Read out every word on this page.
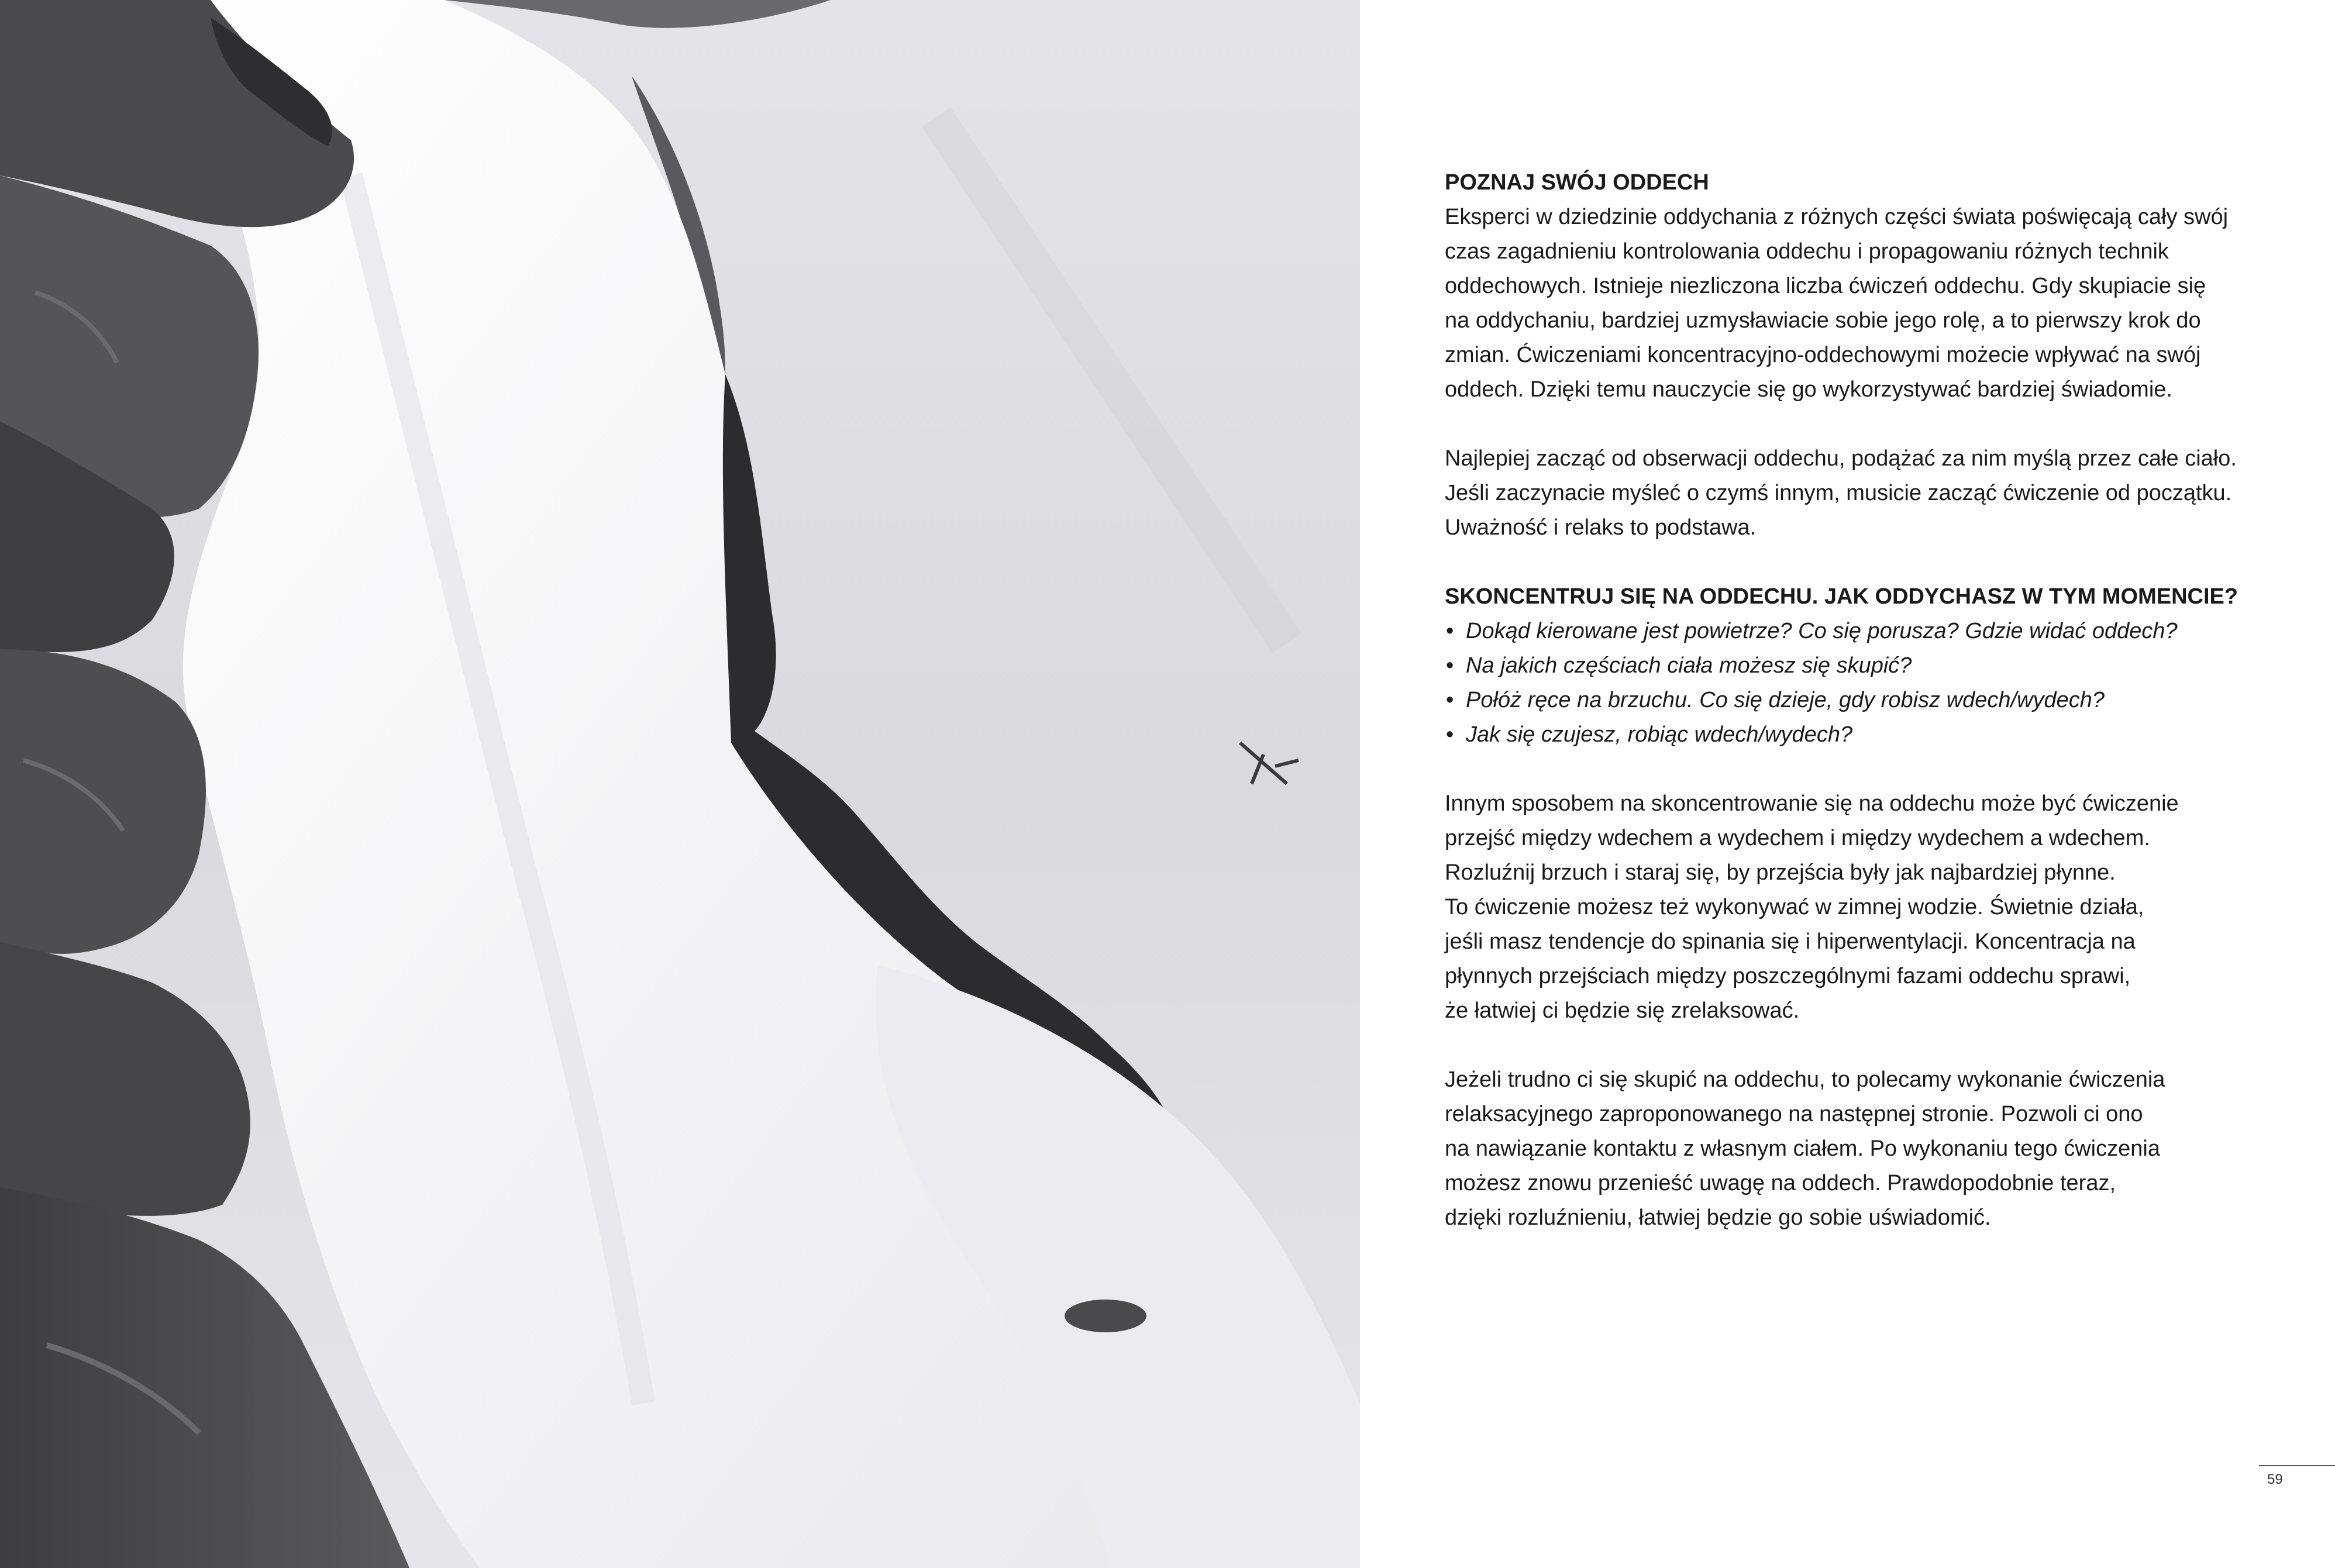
POZNAJ SWÓJ ODDECH

Eksperci w dziedzinie oddychania z różnych części świata poświęcają cały swój
czas zagadnieniu kontrolowania oddechu i propagowaniu różnych technik
oddechowych. Istnieje niezliczona liczba ćwiczeń oddechu. Gdy skupiacie się
na oddychaniu, bardziej uzmysławiacie sobie jego rolę, a to pierwszy krok do
zmian. Ćwiczeniami koncentracyjno-oddechowymi możecie wpływać na swój
oddech. Dzięki temu nauczycie się go wykorzystywać bardziej świadomie.

Najlepiej zacząć od obserwacji oddechu, podążać za nim myślą przez całe ciało.
Jeśli zaczynacie myśleć o czymś innym, musicie zacząć ćwiczenie od początku.
Uważność i relaks to podstawa.

SKONCENTRUJ SIĘ NA ODDECHU. JAK ODDYCHASZ W TYM MOMENCIE?
• Dokąd kierowane jest powietrze? Co się porusza? Gdzie widać oddech?
• Na jakich częściach ciała możesz się skupić?
• Połóż ręce na brzuchu. Co się dzieje, gdy robisz wdech/wydech?
• Jak się czujesz, robiąc wdech/wydech?

Innym sposobem na skoncentrowanie się na oddechu może być ćwiczenie
przejść między wdechem a wydechem i między wydechem a wdechem.
Rozluźnij brzuch i staraj się, by przejścia były jak najbardziej płynne.
To ćwiczenie możesz też wykonywać w zimnej wodzie. Świetnie działa,
jeśli masz tendencje do spinania się i hiperwentylacji. Koncentracja na
płynnych przejściach między poszczególnymi fazami oddechu sprawi,
że łatwiej ci będzie się zrelaksować.

Jeżeli trudno ci się skupić na oddechu, to polecamy wykonanie ćwiczenia
relaksacyjnego zaproponowanego na następnej stronie. Pozwoli ci ono
na nawiązanie kontaktu z własnym ciałem. Po wykonaniu tego ćwiczenia
możesz znowu przenieść uwagę na oddech. Prawdopodobnie teraz,
dzięki rozluźnieniu, łatwiej będzie go sobie uświadomić.

59
